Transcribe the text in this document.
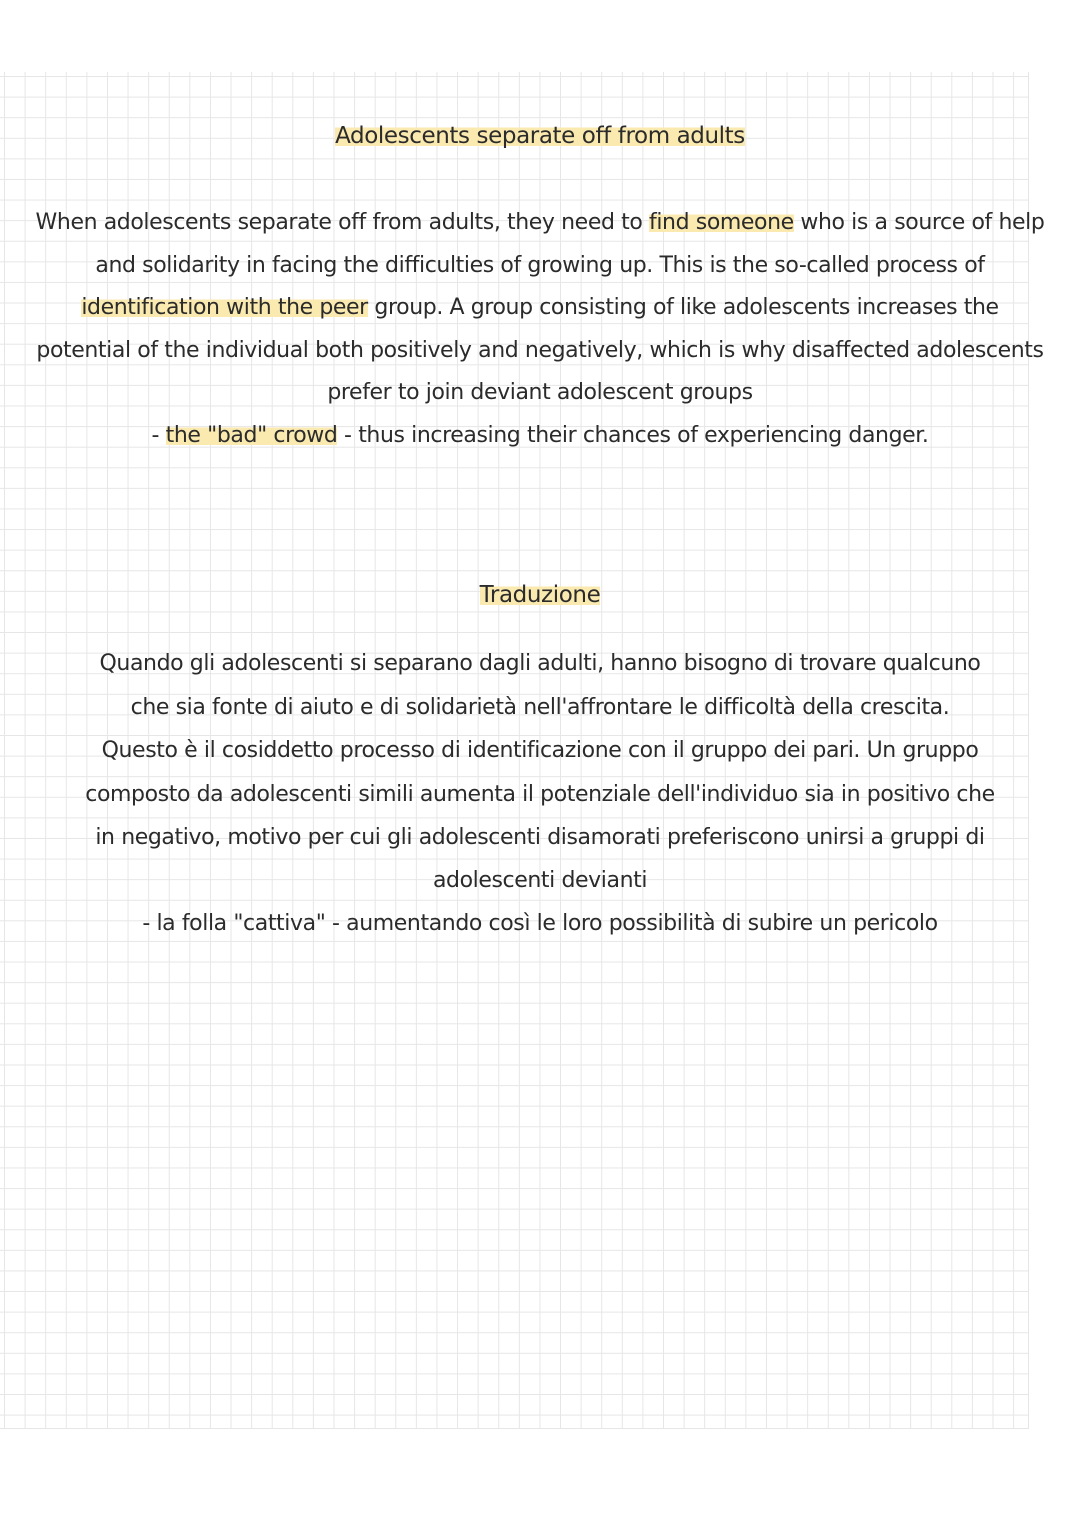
Adolescents separate off from adults
When adolescents separate off from adults, they need to find someone who is a source of help
and solidarity in facing the difficulties of growing up. This is the so-called process of
identification with the peer group. A group consisting of like adolescents increases the
potential of the individual both positively and negatively, which is why disaffected adolescents
prefer to join deviant adolescent groups
- the "bad" crowd - thus increasing their chances of experiencing danger.
Traduzione
Quando gli adolescenti si separano dagli adulti, hanno bisogno di trovare qualcuno
che sia fonte di aiuto e di solidarietà nell'affrontare le difficoltà della crescita.
Questo è il cosiddetto processo di identificazione con il gruppo dei pari. Un gruppo
composto da adolescenti simili aumenta il potenziale dell'individuo sia in positivo che
in negativo, motivo per cui gli adolescenti disamorati preferiscono unirsi a gruppi di
adolescenti devianti
- la folla "cattiva" - aumentando così le loro possibilità di subire un pericolo
